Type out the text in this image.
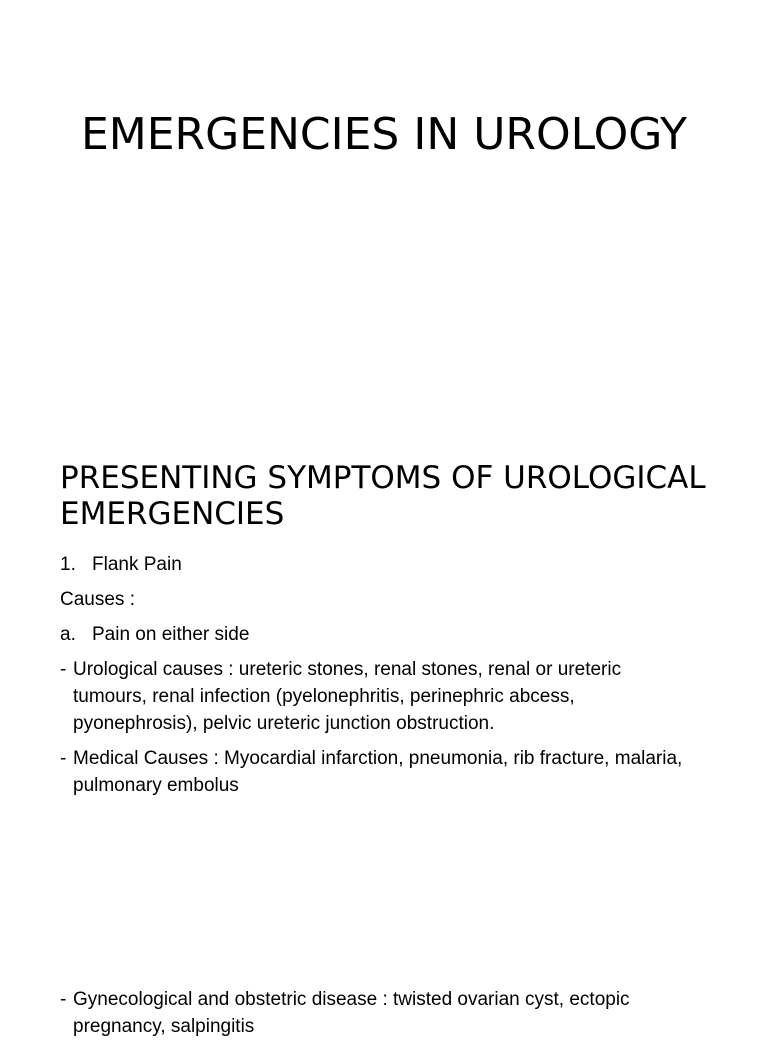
EMERGENCIES IN UROLOGY
PRESENTING SYMPTOMS OF UROLOGICAL EMERGENCIES
1. Flank Pain

Causes :

a. Pain on either side
- Urological causes : ureteric stones, renal stones, renal or ureteric tumours, renal infection (pyelonephritis, perinephric abcess, pyonephrosis), pelvic ureteric junction obstruction.
- Medical Causes : Myocardial infarction, pneumonia, rib fracture, malaria, pulmonary embolus
- Gynecological and obstetric disease : twisted ovarian cyst, ectopic pregnancy, salpingitis
